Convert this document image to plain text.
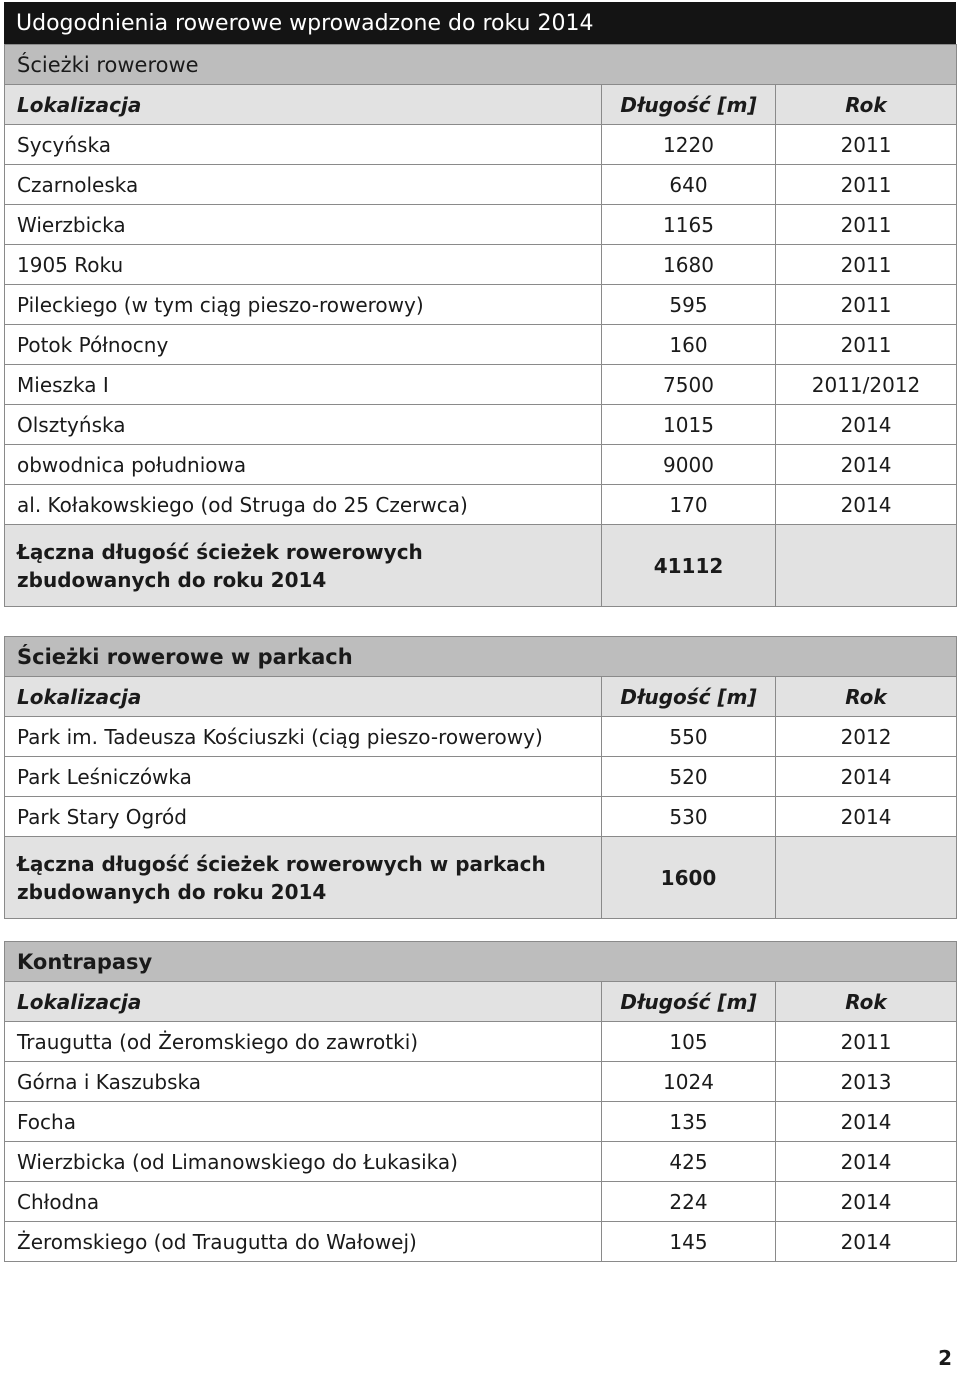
Udogodnienia rowerowe wprowadzone do roku 2014
Ścieżki rowerowe		
Lokalizacja	Długość [m]	Rok
Sycyńska	1220	2011
Czarnoleska	640	2011
Wierzbicka	1165	2011
1905 Roku	1680	2011
Pileckiego (w tym ciąg pieszo-rowerowy)	595	2011
Potok Północny	160	2011
Mieszka I	7500	2011/2012
Olsztyńska	1015	2014
obwodnica południowa	9000	2014
al. Kołakowskiego (od Struga do 25 Czerwca)	170	2014
Łączna długość ścieżek rowerowych
zbudowanych do roku 2014	41112	
Ścieżki rowerowe w parkach		
Lokalizacja	Długość [m]	Rok
Park im. Tadeusza Kościuszki (ciąg pieszo-rowerowy)	550	2012
Park Leśniczówka	520	2014
Park Stary Ogród	530	2014
Łączna długość ścieżek rowerowych w parkach
zbudowanych do roku 2014	1600	
Kontrapasy		
Lokalizacja	Długość [m]	Rok
Traugutta (od Żeromskiego do zawrotki)	105	2011
Górna i Kaszubska	1024	2013
Focha	135	2014
Wierzbicka (od Limanowskiego do Łukasika)	425	2014
Chłodna	224	2014
Żeromskiego (od Traugutta do Wałowej)	145	2014
2
